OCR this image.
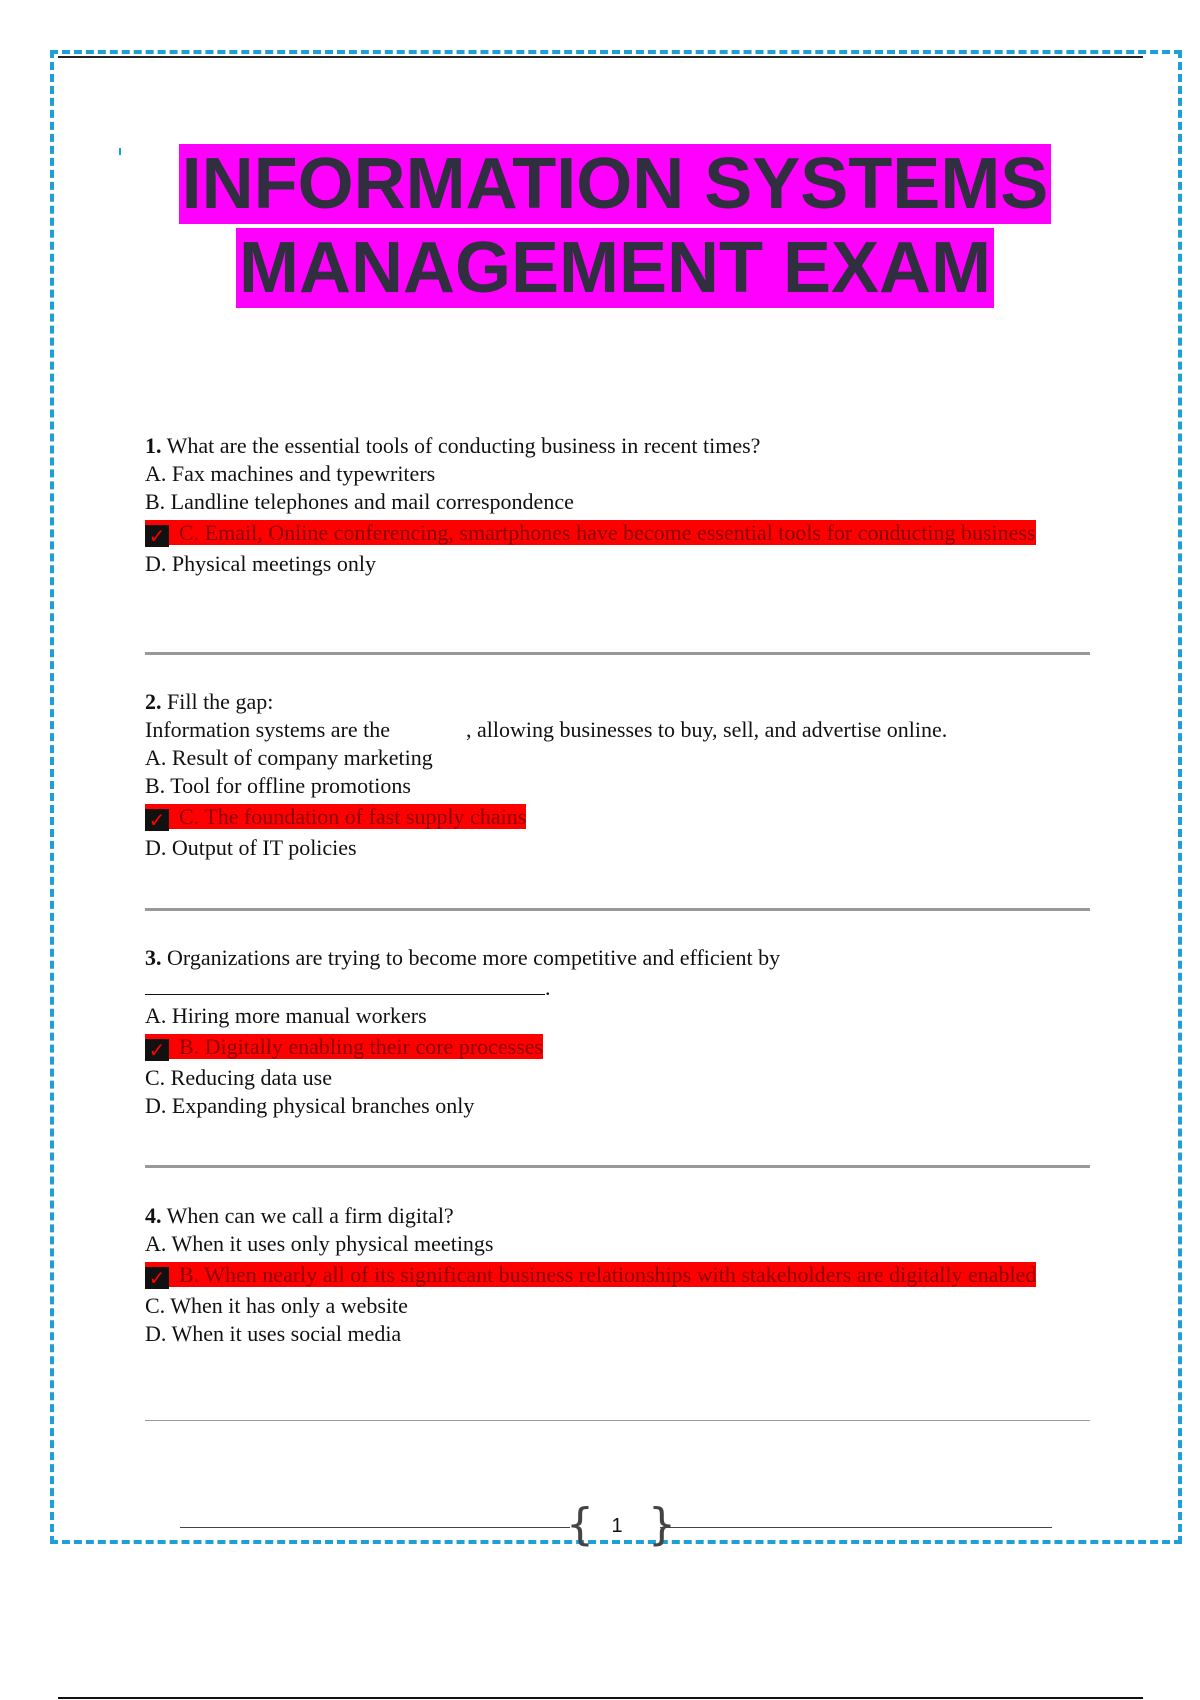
INFORMATION SYSTEMS
MANAGEMENT EXAM
1. What are the essential tools of conducting business in recent times?
A. Fax machines and typewriters
B. Landline telephones and mail correspondence
✓ C. Email, Online conferencing, smartphones have become essential tools for conducting business
D. Physical meetings only
2. Fill the gap:
Information systems are the	, allowing businesses to buy, sell, and advertise online.
A. Result of company marketing
B. Tool for offline promotions
✓ C. The foundation of fast supply chains
D. Output of IT policies
3. Organizations are trying to become more competitive and efficient by
.
A. Hiring more manual workers
✓ B. Digitally enabling their core processes
C. Reducing data use
D. Expanding physical branches only
4. When can we call a firm digital?
A. When it uses only physical meetings
✓ B. When nearly all of its significant business relationships with stakeholders are digitally enabled
C. When it has only a website
D. When it uses social media
{ 1 }
